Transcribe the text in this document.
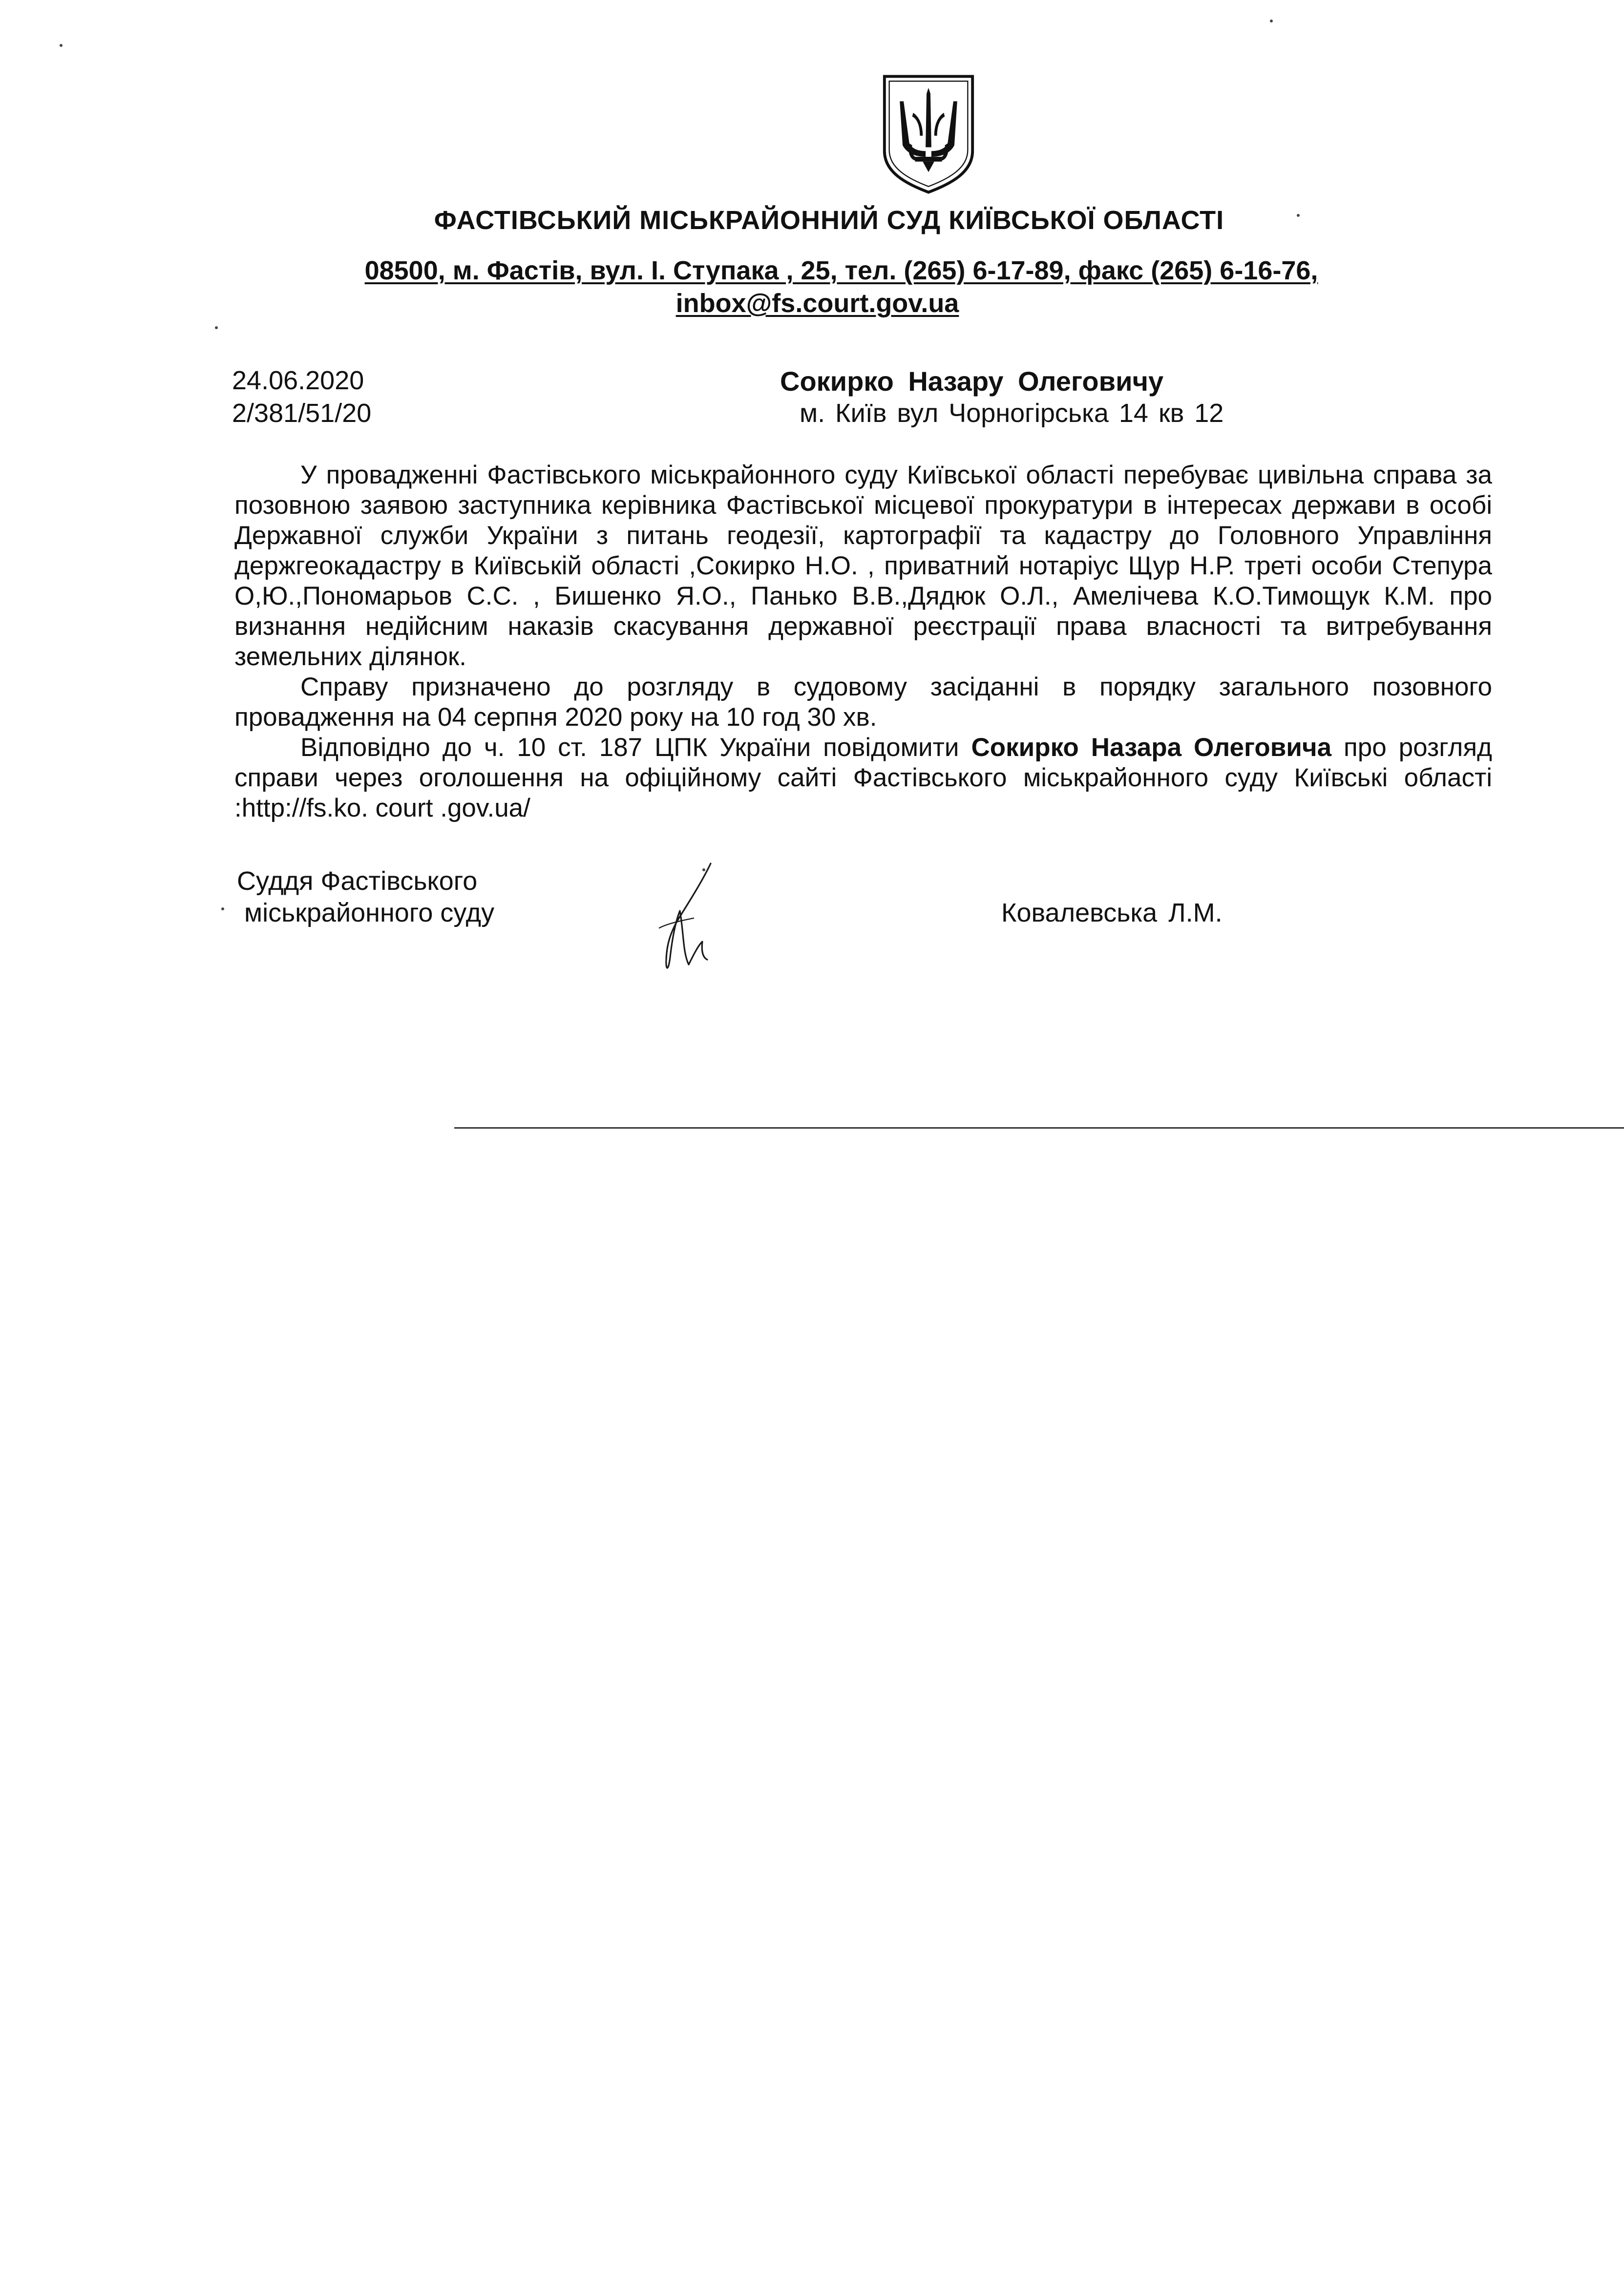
ФАСТІВСЬКИЙ МІСЬКРАЙОННИЙ СУД КИЇВСЬКОЇ ОБЛАСТІ
08500, м. Фастів, вул. І. Ступака , 25, тел. (265) 6-17-89, факс (265) 6-16-76,
inbox@fs.court.gov.ua
24.06.2020
2/381/51/20
Сокирко Назару Олеговичу
м. Київ вул Чорногірська 14 кв 12

У провадженні Фастівського міськрайонного суду Київської області перебуває цивільна справа за позовною заявою заступника керівника Фастівської місцевої прокуратури в інтересах держави в особі Державної служби України з питань геодезії, картографії та кадастру до Головного Управління держгеокадастру в Київській області ,Сокирко Н.О. , приватний нотаріус Щур Н.Р. треті особи Степура О,Ю.,Пономарьов С.С. , Бишенко Я.О., Панько В.В.,Дядюк О.Л., Амелічева К.О.Тимощук К.М. про визнання недійсним наказів скасування державної реєстрації права власності та витребування земельних ділянок.

Справу призначено до розгляду в судовому засіданні в порядку загального позовного провадження на 04 серпня 2020 року на 10 год 30 хв.

Відповідно до ч. 10 ст. 187 ЦПК України повідомити Сокирко Назара Олеговича про розгляд справи через оголошення на офіційному сайті Фастівського міськрайонного суду Київські області :http://fs.ko. court .gov.ua/

Суддя Фастівського
міськрайонного суду	Ковалевська Л.М.
